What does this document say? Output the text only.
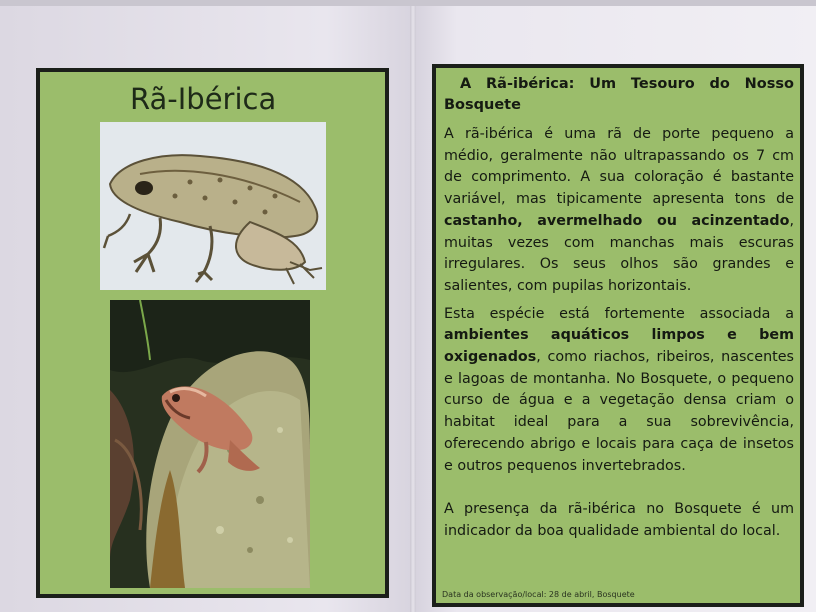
Rã-Ibérica	A Rã-ibérica: Um Tesouro do Nosso Bosquete

A rã-ibérica é uma rã de porte pequeno a médio, geralmente não ultrapassando os 7 cm de comprimento. A sua coloração é bastante variável, mas tipicamente apresenta tons de castanho, avermelhado ou acinzentado, muitas vezes com manchas mais escuras irregulares. Os seus olhos são grandes e salientes, com pupilas horizontais.

Esta espécie está fortemente associada a ambientes aquáticos limpos e bem oxigenados, como riachos, ribeiros, nascentes e lagoas de montanha. No Bosquete, o pequeno curso de água e a vegetação densa criam o habitat ideal para a sua sobrevivência, oferecendo abrigo e locais para caça de insetos e outros pequenos invertebrados.

A presença da rã-ibérica no Bosquete é um indicador da boa qualidade ambiental do local.

Data da observação/local: 28 de abril, Bosquete
